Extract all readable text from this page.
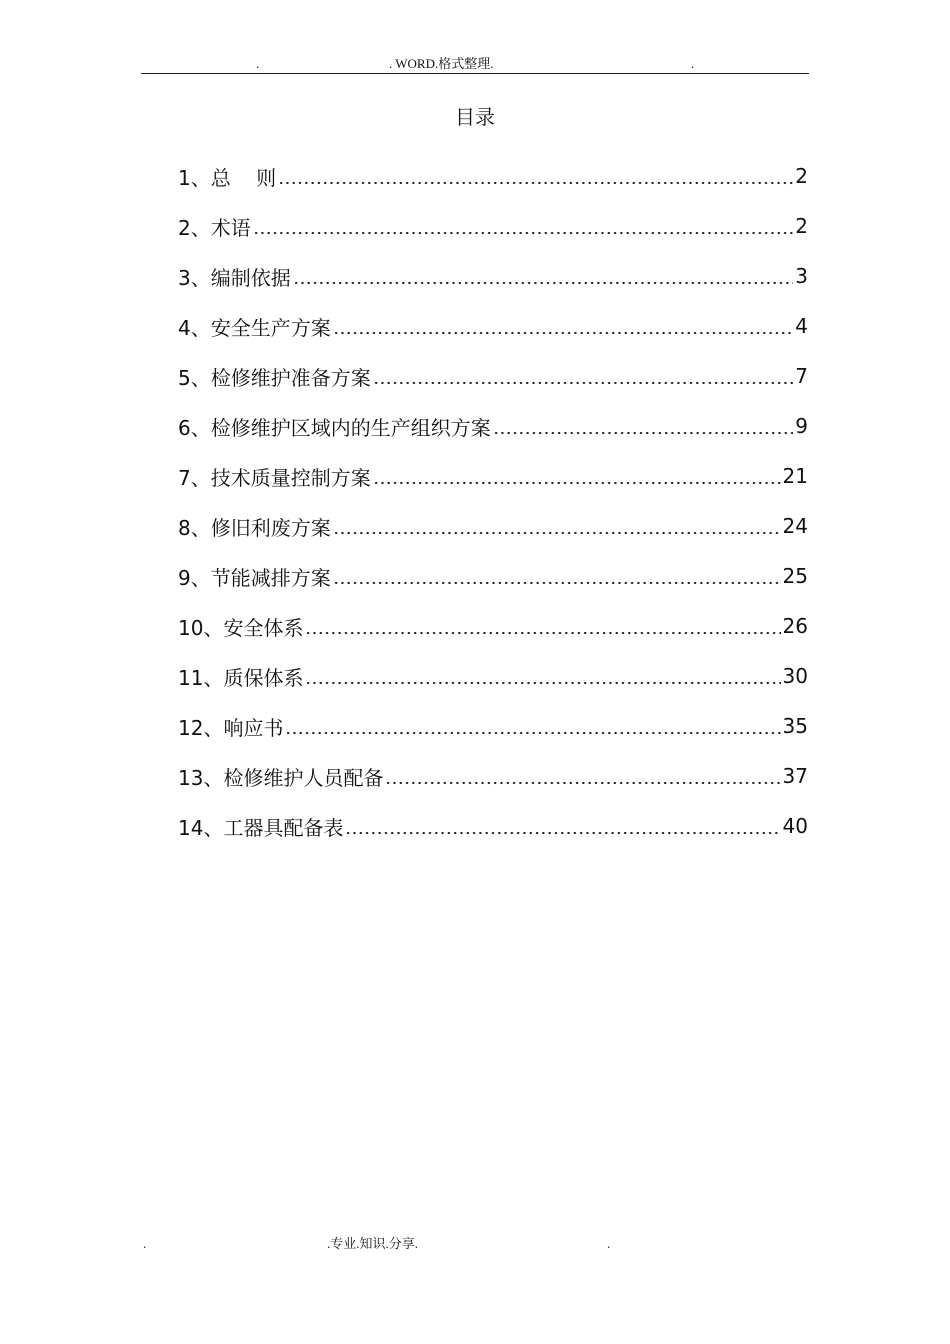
.	. WORD.格式整理.	.
目录
1、总    则	2
2、术语	2
3、编制依据	3
4、安全生产方案	4
5、检修维护准备方案	7
6、检修维护区域内的生产组织方案	9
7、技术质量控制方案	21
8、修旧利废方案	24
9、节能减排方案	25
10、安全体系	26
11、质保体系	30
12、响应书	35
13、检修维护人员配备	37
14、工器具配备表	40
.	.专业.知识.分享.	.
